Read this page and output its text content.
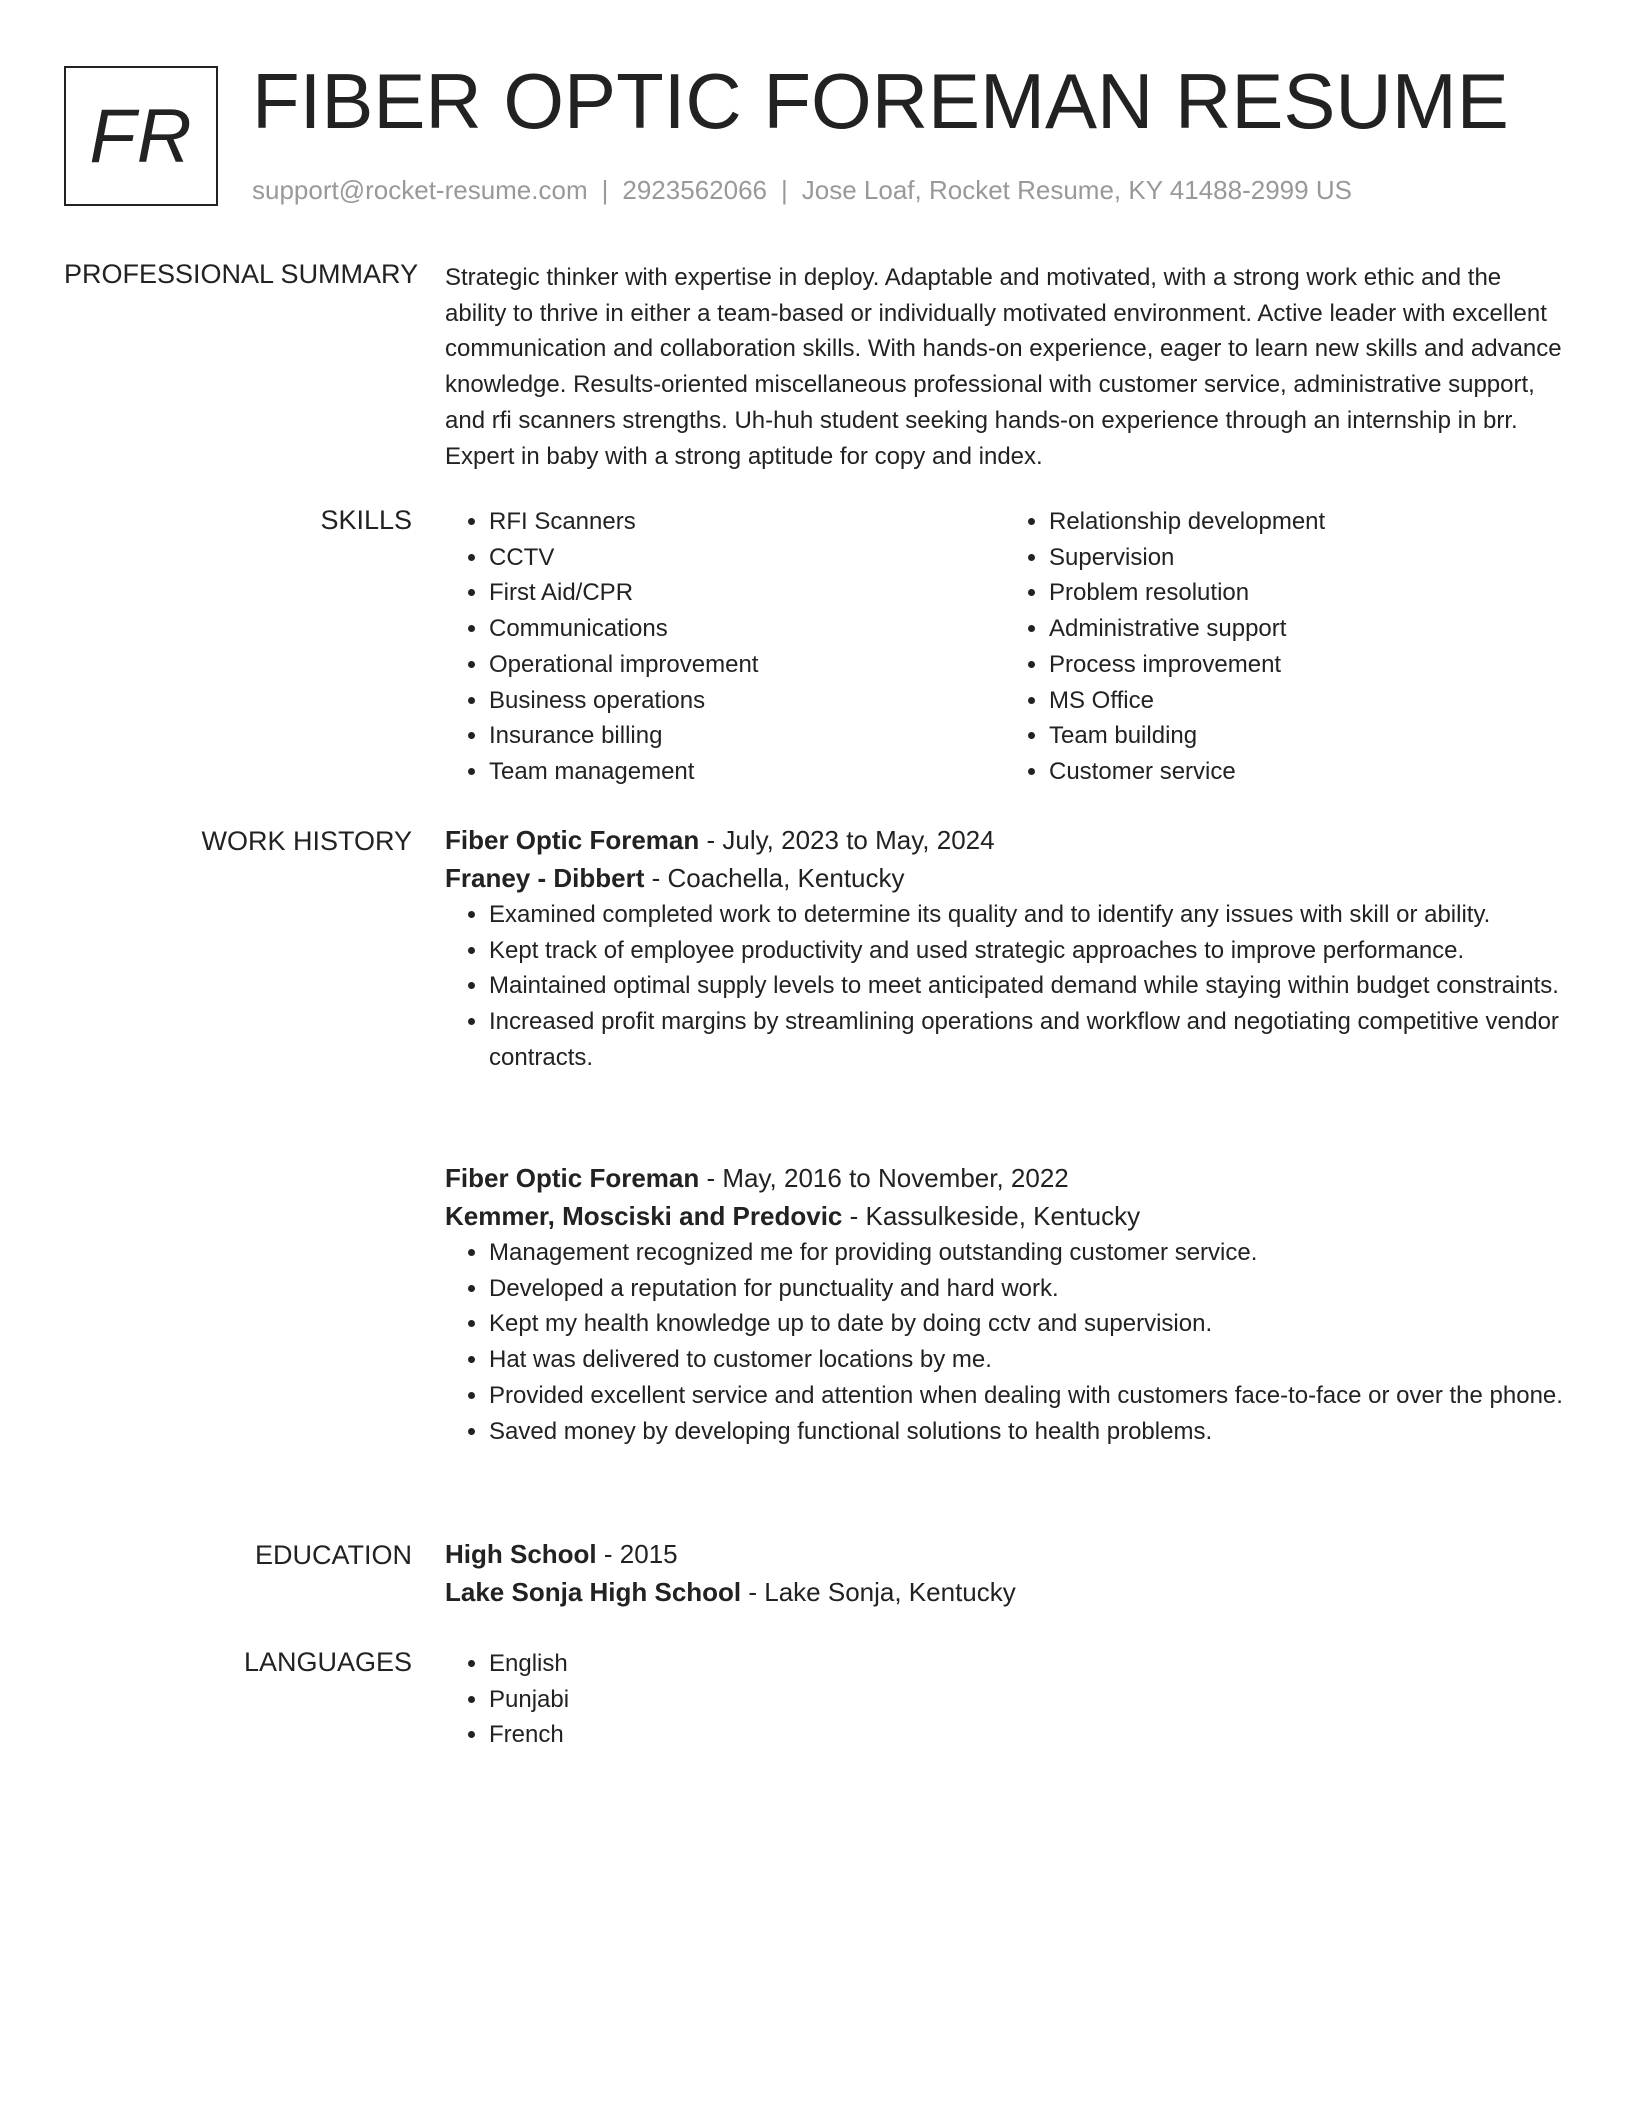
FR FIBER OPTIC FOREMAN RESUME
support@rocket-resume.com | 2923562066 | Jose Loaf, Rocket Resume, KY 41488-2999 US
PROFESSIONAL SUMMARY Strategic thinker with expertise in deploy. Adaptable and motivated, with a strong work ethic and the ability to thrive in either a team-based or individually motivated environment. Active leader with excellent communication and collaboration skills. With hands-on experience, eager to learn new skills and advance knowledge. Results-oriented miscellaneous professional with customer service, administrative support, and rfi scanners strengths. Uh-huh student seeking hands-on experience through an internship in brr. Expert in baby with a strong aptitude for copy and index.

SKILLS	• RFI Scanners
• CCTV
• First Aid/CPR
• Communications
• Operational improvement
• Business operations
• Insurance billing
• Team management
• Relationship development
• Supervision
• Problem resolution
• Administrative support
• Process improvement
• MS Office
• Team building
• Customer service
WORK HISTORY Fiber Optic Foreman - July, 2023 to May, 2024

Franey - Dibbert - Coachella, Kentucky

• Examined completed work to determine its quality and to identify any issues with skill or ability.
• Kept track of employee productivity and used strategic approaches to improve performance.
• Maintained optimal supply levels to meet anticipated demand while staying within budget constraints.
• Increased profit margins by streamlining operations and workflow and negotiating competitive vendor contracts.

Fiber Optic Foreman - May, 2016 to November, 2022

Kemmer, Mosciski and Predovic - Kassulkeside, Kentucky

• Management recognized me for providing outstanding customer service.
• Developed a reputation for punctuality and hard work.
• Kept my health knowledge up to date by doing cctv and supervision.
• Hat was delivered to customer locations by me.
• Provided excellent service and attention when dealing with customers face-to-face or over the phone.
• Saved money by developing functional solutions to health problems.
EDUCATION High School - 2015

Lake Sonja High School - Lake Sonja, Kentucky

LANGUAGES	• English
• Punjabi
• French
